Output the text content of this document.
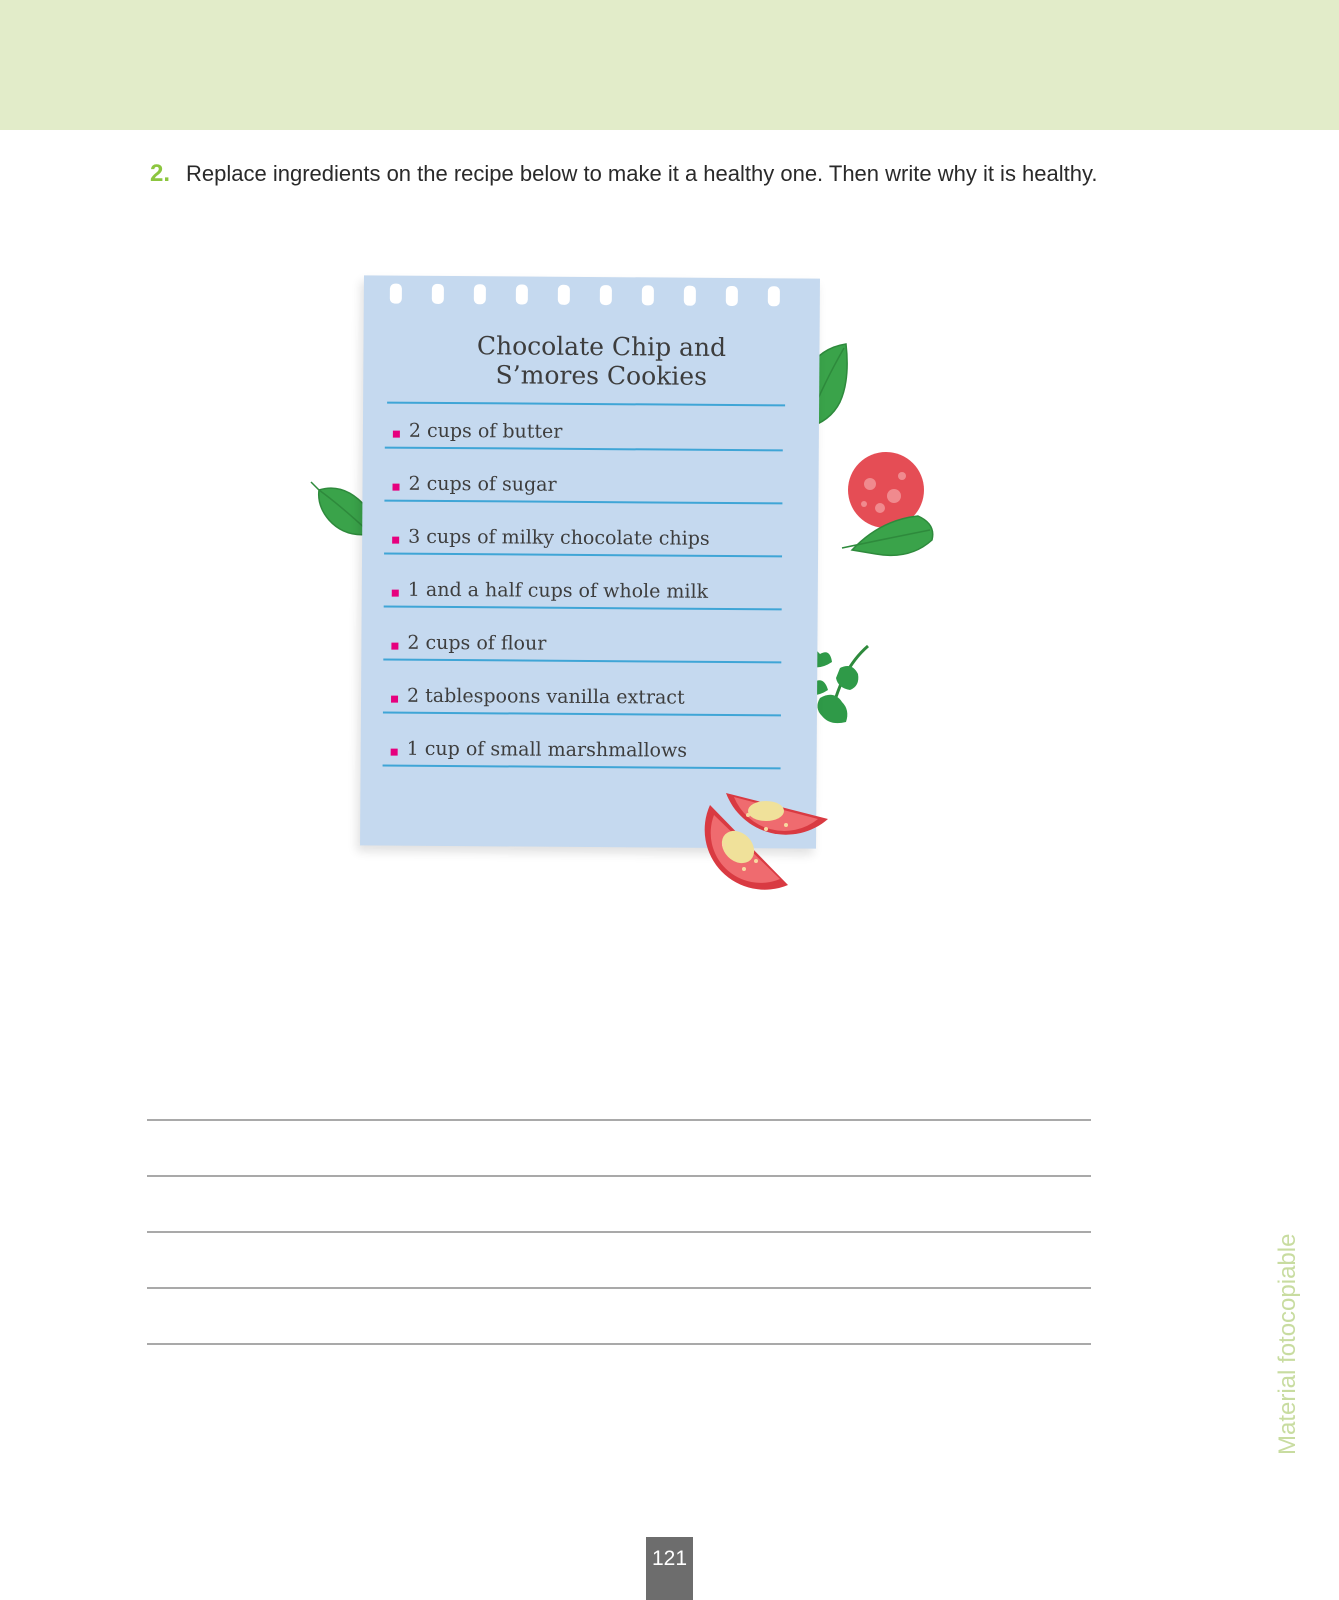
2. Replace ingredients on the recipe below to make it a healthy one. Then write why it is healthy.
Chocolate Chip and
S’mores Cookies
2 cups of butter
2 cups of sugar
3 cups of milky chocolate chips
1 and a half cups of whole milk
2 cups of flour
2 tablespoons vanilla extract
1 cup of small marshmallows
Material fotocopiable
121
